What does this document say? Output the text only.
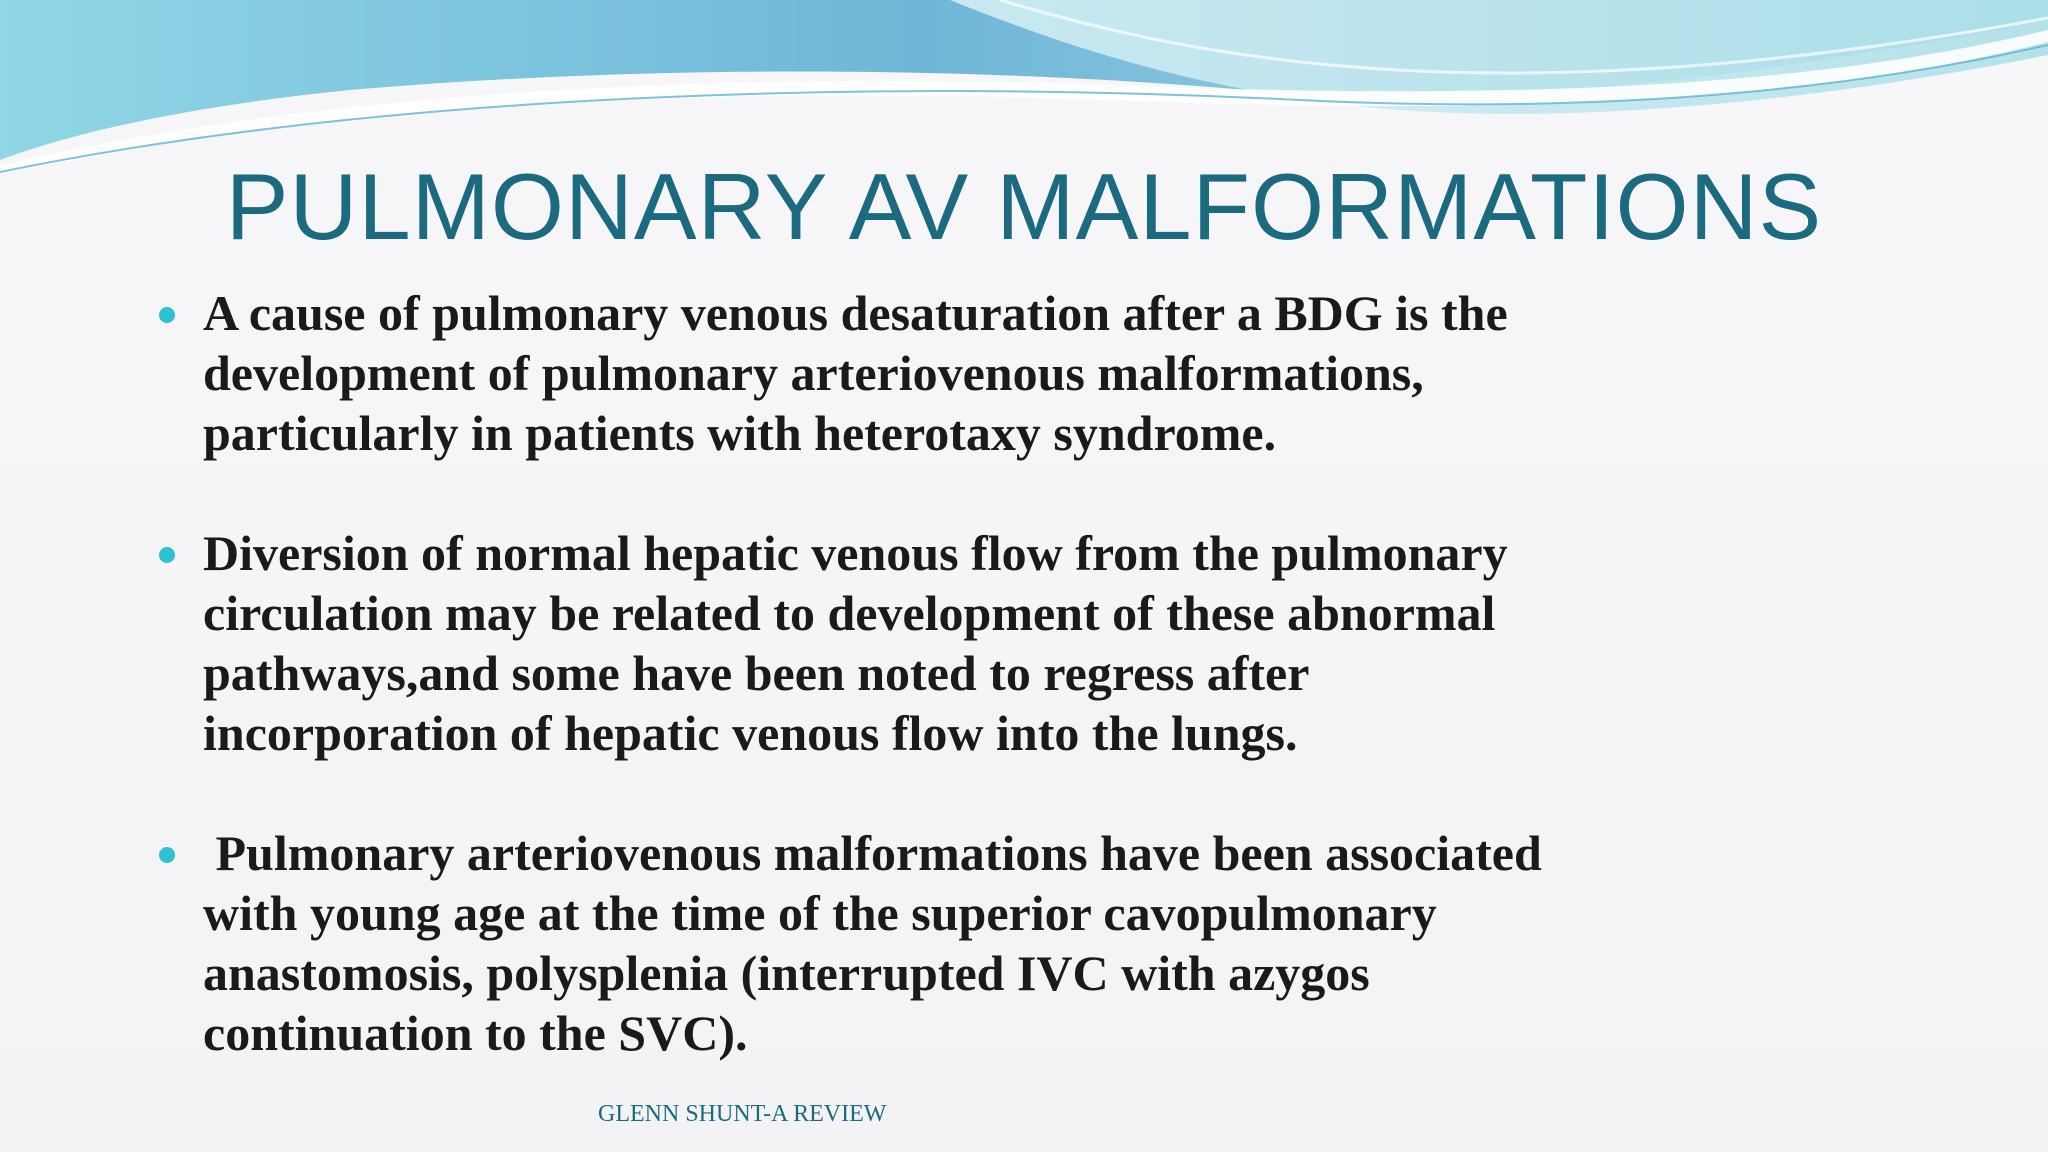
PULMONARY AV MALFORMATIONS
A cause of pulmonary venous desaturation after a BDG is the
development of pulmonary arteriovenous malformations,
particularly in patients with heterotaxy syndrome.
Diversion of normal hepatic venous flow from the pulmonary
circulation may be related to development of these abnormal
pathways,and some have been noted to regress after
incorporation of hepatic venous flow into the lungs.
Pulmonary arteriovenous malformations have been associated
with young age at the time of the superior cavopulmonary
anastomosis, polysplenia (interrupted IVC with azygos
continuation to the SVC).
GLENN SHUNT-A REVIEW
